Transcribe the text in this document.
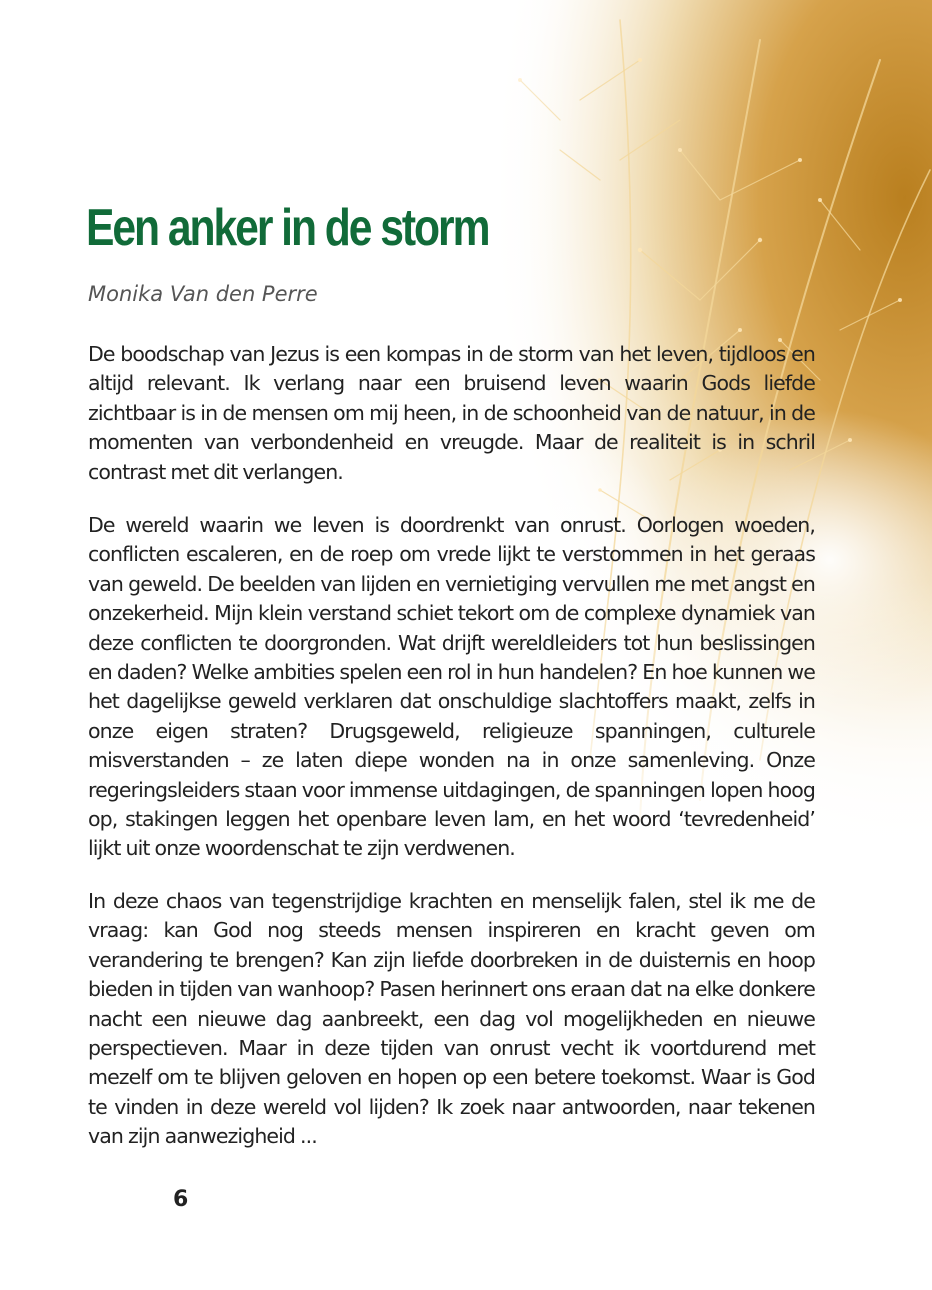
Een anker in de storm
Monika Van den Perre

De boodschap van Jezus is een kompas in de storm van het leven, tijdloos en altijd relevant. Ik verlang naar een bruisend leven waarin Gods liefde zichtbaar is in de mensen om mij heen, in de schoonheid van de natuur, in de momenten van verbondenheid en vreugde. Maar de realiteit is in schril contrast met dit verlangen.

De wereld waarin we leven is doordrenkt van onrust. Oorlogen woeden, conflicten escaleren, en de roep om vrede lijkt te verstommen in het geraas van geweld. De beelden van lijden en vernietiging vervullen me met angst en onzekerheid. Mijn klein verstand schiet tekort om de complexe dynamiek van deze conflicten te doorgronden. Wat drijft wereldleiders tot hun beslissingen en daden? Welke ambities spelen een rol in hun handelen? En hoe kunnen we het dagelijkse geweld verklaren dat onschuldige slachtoffers maakt, zelfs in onze eigen straten? Drugsgeweld, religieuze spanningen, culturele misverstanden – ze laten diepe wonden na in onze samenleving. Onze regeringsleiders staan voor immense uitdagingen, de spanningen lopen hoog op, stakingen leggen het openbare leven lam, en het woord ‘tevredenheid’ lijkt uit onze woordenschat te zijn verdwenen.

In deze chaos van tegenstrijdige krachten en menselijk falen, stel ik me de vraag: kan God nog steeds mensen inspireren en kracht geven om verandering te brengen? Kan zijn liefde doorbreken in de duisternis en hoop bieden in tijden van wanhoop? Pasen herinnert ons eraan dat na elke donkere nacht een nieuwe dag aanbreekt, een dag vol mogelijkheden en nieuwe perspectieven. Maar in deze tijden van onrust vecht ik voortdurend met mezelf om te blijven geloven en hopen op een betere toekomst. Waar is God te vinden in deze wereld vol lijden? Ik zoek naar antwoorden, naar tekenen van zijn aanwezigheid ...

6
